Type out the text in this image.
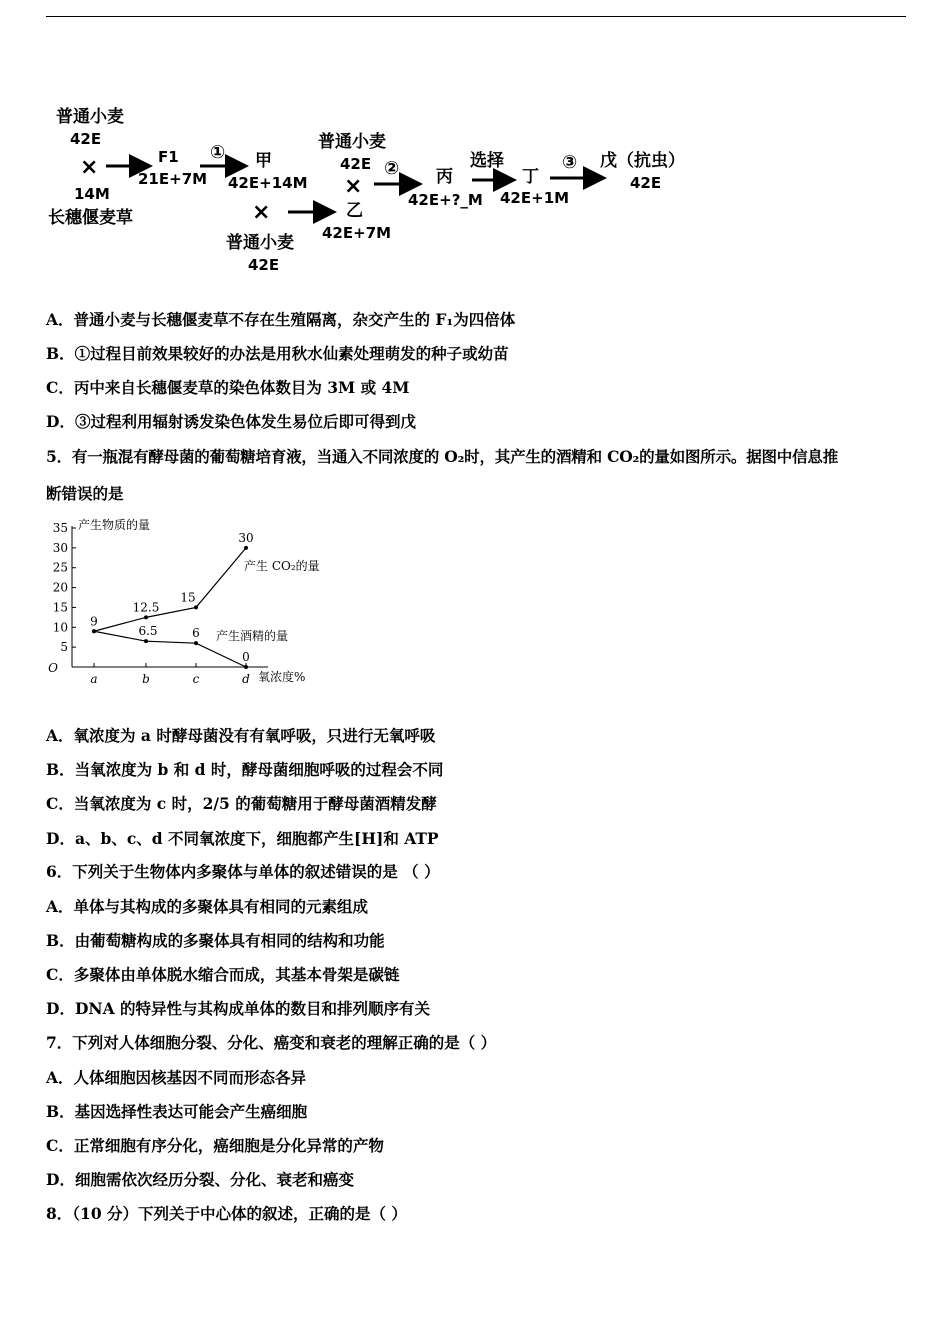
普通小麦
42E
×
14M
长穗偃麦草
F1
21E+7M
① 甲
42E+14M
×
普通小麦
42E
普通小麦
42E
×
乙
42E+7M
② 丙
42E+?_M
选择
丁
42E+1M
③ 戊（抗虫）
42E
A．普通小麦与长穗偃麦草不存在生殖隔离，杂交产生的 F₁为四倍体
B．①过程目前效果较好的办法是用秋水仙素处理萌发的种子或幼苗
C．丙中来自长穗偃麦草的染色体数目为 3M 或 4M
D．③过程利用辐射诱发染色体发生易位后即可得到戊
5．有一瓶混有酵母菌的葡萄糖培育液，当通入不同浓度的 O₂时，其产生的酒精和 CO₂的量如图所示。据图中信息推
断错误的是
5
10
15
20
25
30
35
O
a	b	c	d
产生物质的量
氧浓度%
9
12.5
15
30
6.5	6
0
产生 CO₂的量
产生酒精的量
A．氧浓度为 a 时酵母菌没有有氧呼吸，只进行无氧呼吸
B．当氧浓度为 b 和 d 时，酵母菌细胞呼吸的过程会不同
C．当氧浓度为 c 时，2/5 的葡萄糖用于酵母菌酒精发酵
D．a、b、c、d 不同氧浓度下，细胞都产生[H]和 ATP
6．下列关于生物体内多聚体与单体的叙述错误的是 （ ）
A．单体与其构成的多聚体具有相同的元素组成
B．由葡萄糖构成的多聚体具有相同的结构和功能
C．多聚体由单体脱水缩合而成，其基本骨架是碳链
D．DNA 的特异性与其构成单体的数目和排列顺序有关
7．下列对人体细胞分裂、分化、癌变和衰老的理解正确的是（ ）
A．人体细胞因核基因不同而形态各异
B．基因选择性表达可能会产生癌细胞
C．正常细胞有序分化，癌细胞是分化异常的产物
D．细胞需依次经历分裂、分化、衰老和癌变
8．（10 分）下列关于中心体的叙述，正确的是（ ）
